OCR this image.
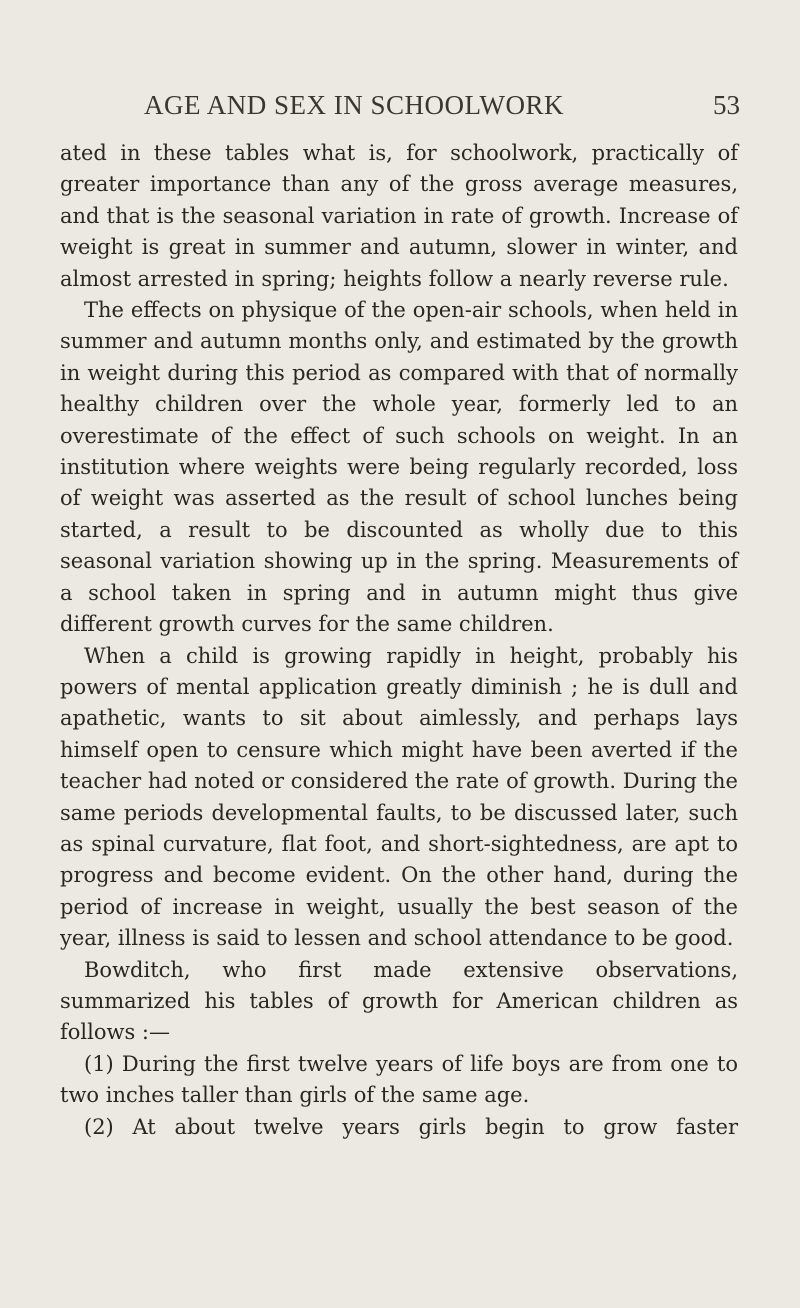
AGE AND SEX IN SCHOOLWORK	53

ated in these tables what is, for schoolwork, practically of greater importance than any of the gross average measures, and that is the seasonal variation in rate of growth. Increase of weight is great in summer and autumn, slower in winter, and almost arrested in spring; heights follow a nearly reverse rule.

The effects on physique of the open-air schools, when held in summer and autumn months only, and estimated by the growth in weight during this period as compared with that of normally healthy children over the whole year, formerly led to an overestimate of the effect of such schools on weight. In an institution where weights were being regularly recorded, loss of weight was asserted as the result of school lunches being started, a result to be discounted as wholly due to this seasonal variation showing up in the spring. Measurements of a school taken in spring and in autumn might thus give different growth curves for the same children.

When a child is growing rapidly in height, probably his powers of mental application greatly diminish ; he is dull and apathetic, wants to sit about aimlessly, and perhaps lays himself open to censure which might have been averted if the teacher had noted or considered the rate of growth. During the same periods developmental faults, to be discussed later, such as spinal curvature, flat foot, and short-sightedness, are apt to progress and become evident. On the other hand, during the period of increase in weight, usually the best season of the year, illness is said to lessen and school attendance to be good.

Bowditch, who first made extensive observations, summarized his tables of growth for American children as follows :—

(1) During the first twelve years of life boys are from one to two inches taller than girls of the same age.

(2) At about twelve years girls begin to grow faster
